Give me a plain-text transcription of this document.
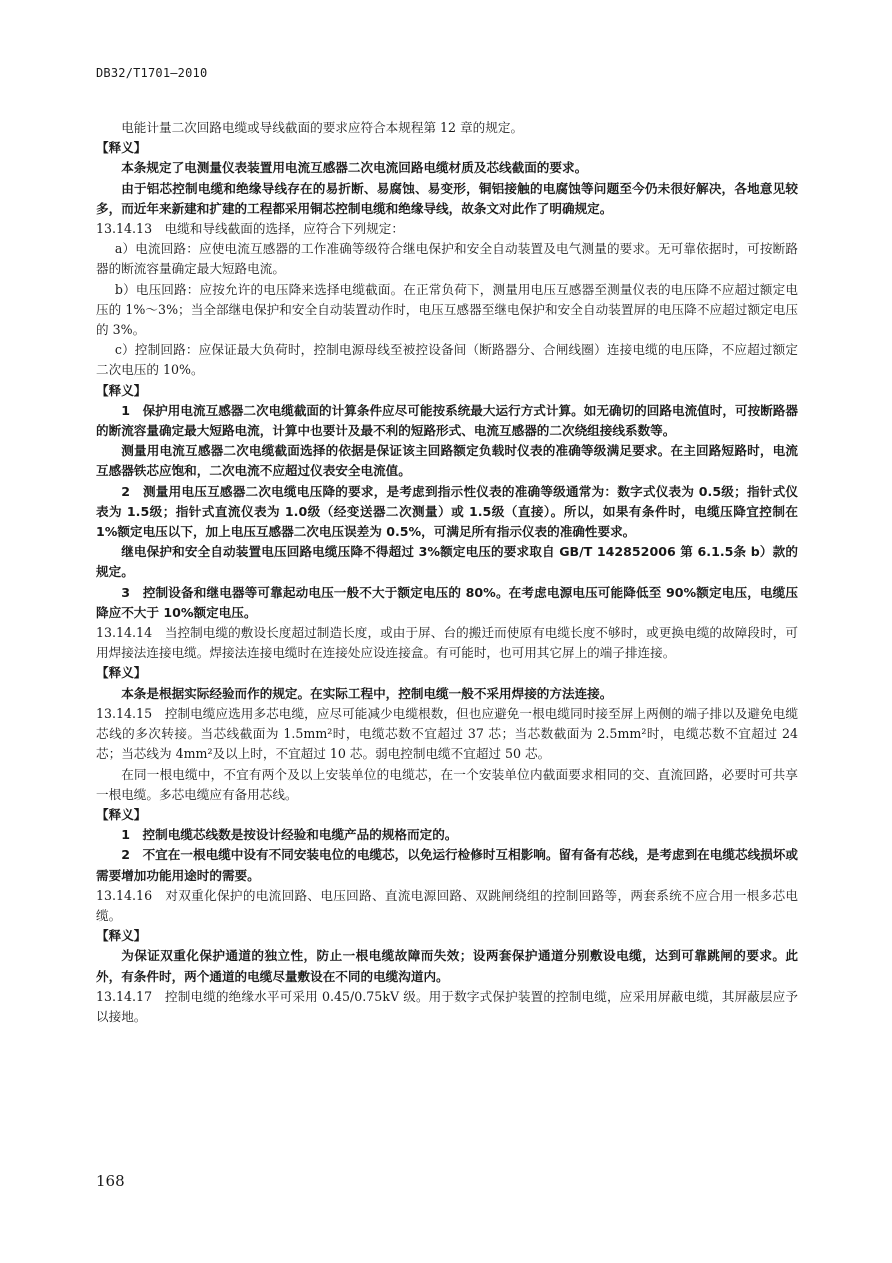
DB32/T1701—2010

电能计量二次回路电缆或导线截面的要求应符合本规程第 12 章的规定。

【释义】

本条规定了电测量仪表装置用电流互感器二次电流回路电缆材质及芯线截面的要求。

由于铝芯控制电缆和绝缘导线存在的易折断、易腐蚀、易变形，铜铝接触的电腐蚀等问题至今仍未很好解决，各地意见较多，而近年来新建和扩建的工程都采用铜芯控制电缆和绝缘导线，故条文对此作了明确规定。

13.14.13　电缆和导线截面的选择，应符合下列规定：

a）电流回路：应使电流互感器的工作准确等级符合继电保护和安全自动装置及电气测量的要求。无可靠依据时，可按断路器的断流容量确定最大短路电流。

b）电压回路：应按允许的电压降来选择电缆截面。在正常负荷下，测量用电压互感器至测量仪表的电压降不应超过额定电压的 1%～3%；当全部继电保护和安全自动装置动作时，电压互感器至继电保护和安全自动装置屏的电压降不应超过额定电压的 3%。

c）控制回路：应保证最大负荷时，控制电源母线至被控设备间（断路器分、合闸线圈）连接电缆的电压降，不应超过额定二次电压的 10%。

【释义】

1　保护用电流互感器二次电缆截面的计算条件应尽可能按系统最大运行方式计算。如无确切的回路电流值时，可按断路器的断流容量确定最大短路电流，计算中也要计及最不利的短路形式、电流互感器的二次绕组接线系数等。

测量用电流互感器二次电缆截面选择的依据是保证该主回路额定负载时仪表的准确等级满足要求。在主回路短路时，电流互感器铁芯应饱和，二次电流不应超过仪表安全电流值。

2　测量用电压互感器二次电缆电压降的要求，是考虑到指示性仪表的准确等级通常为：数字式仪表为 0.5级；指针式仪表为 1.5级；指针式直流仪表为 1.0级（经变送器二次测量）或 1.5级（直接）。所以，如果有条件时，电缆压降宜控制在 1%额定电压以下，加上电压互感器二次电压误差为 0.5%，可满足所有指示仪表的准确性要求。

继电保护和安全自动装置电压回路电缆压降不得超过 3%额定电压的要求取自 GB/T 142852006 第 6.1.5条 b）款的规定。

3　控制设备和继电器等可靠起动电压一般不大于额定电压的 80%。在考虑电源电压可能降低至 90%额定电压，电缆压降应不大于 10%额定电压。

13.14.14　当控制电缆的敷设长度超过制造长度，或由于屏、台的搬迁而使原有电缆长度不够时，或更换电缆的故障段时，可用焊接法连接电缆。焊接法连接电缆时在连接处应设连接盒。有可能时，也可用其它屏上的端子排连接。

【释义】

本条是根据实际经验而作的规定。在实际工程中，控制电缆一般不采用焊接的方法连接。

13.14.15　控制电缆应选用多芯电缆，应尽可能减少电缆根数，但也应避免一根电缆同时接至屏上两侧的端子排以及避免电缆芯线的多次转接。当芯线截面为 1.5mm²时，电缆芯数不宜超过 37 芯；当芯数截面为 2.5mm²时，电缆芯数不宜超过 24 芯；当芯线为 4mm²及以上时，不宜超过 10 芯。弱电控制电缆不宜超过 50 芯。

在同一根电缆中，不宜有两个及以上安装单位的电缆芯，在一个安装单位内截面要求相同的交、直流回路，必要时可共享一根电缆。多芯电缆应有备用芯线。

【释义】

1　控制电缆芯线数是按设计经验和电缆产品的规格而定的。

2　不宜在一根电缆中设有不同安装电位的电缆芯，以免运行检修时互相影响。留有备有芯线，是考虑到在电缆芯线损坏或需要增加功能用途时的需要。

13.14.16　对双重化保护的电流回路、电压回路、直流电源回路、双跳闸绕组的控制回路等，两套系统不应合用一根多芯电缆。

【释义】

为保证双重化保护通道的独立性，防止一根电缆故障而失效；设两套保护通道分别敷设电缆，达到可靠跳闸的要求。此外，有条件时，两个通道的电缆尽量敷设在不同的电缆沟道内。

13.14.17　控制电缆的绝缘水平可采用 0.45/0.75kV 级。用于数字式保护装置的控制电缆，应采用屏蔽电缆，其屏蔽层应予以接地。

168
